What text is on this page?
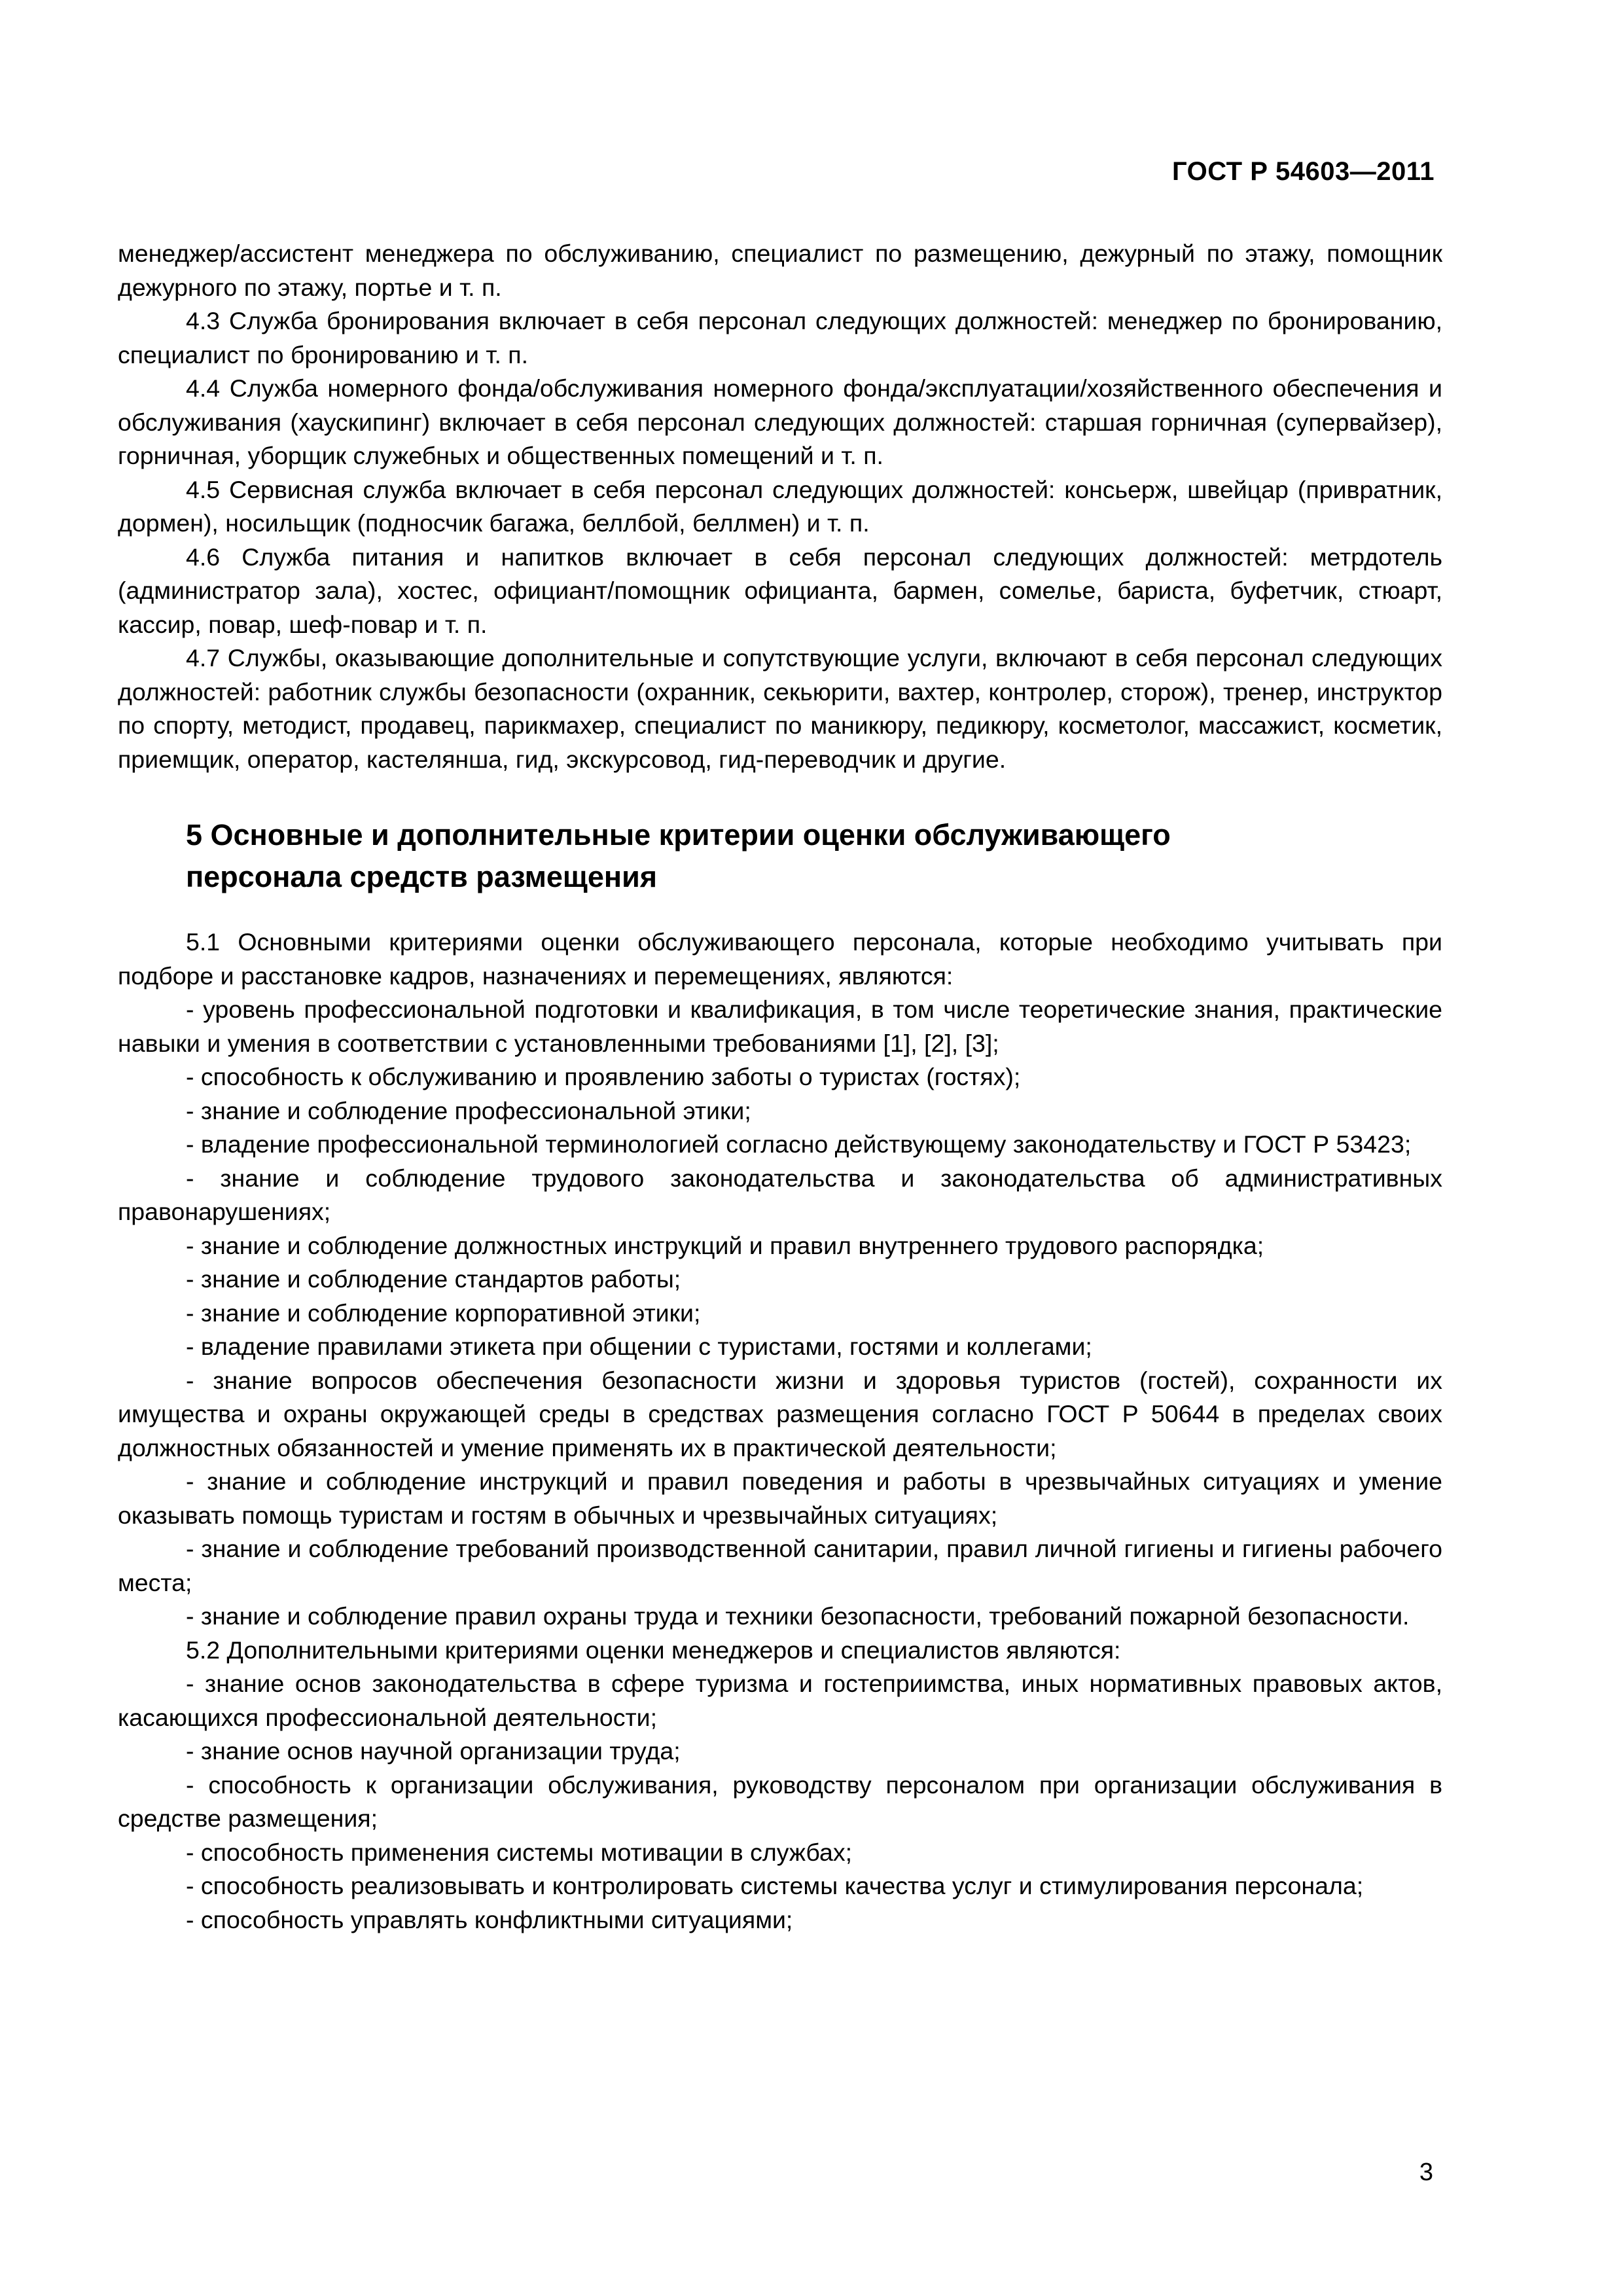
ГОСТ Р 54603—2011

менеджер/ассистент менеджера по обслуживанию, специалист по размещению, дежурный по этажу, помощник дежурного по этажу, портье и т. п.

4.3 Служба бронирования включает в себя персонал следующих должностей: менеджер по бронированию, специалист по бронированию и т. п.

4.4 Служба номерного фонда/обслуживания номерного фонда/эксплуатации/хозяйственного обеспечения и обслуживания (хаускипинг) включает в себя персонал следующих должностей: старшая горничная (супервайзер), горничная, уборщик служебных и общественных помещений и т. п.

4.5 Сервисная служба включает в себя персонал следующих должностей: консьерж, швейцар (привратник, дормен), носильщик (подносчик багажа, беллбой, беллмен) и т. п.

4.6 Служба питания и напитков включает в себя персонал следующих должностей: метрдотель (администратор зала), хостес, официант/помощник официанта, бармен, сомелье, бариста, буфетчик, стюарт, кассир, повар, шеф-повар и т. п.

4.7 Службы, оказывающие дополнительные и сопутствующие услуги, включают в себя персонал следующих должностей: работник службы безопасности (охранник, секьюрити, вахтер, контролер, сторож), тренер, инструктор по спорту, методист, продавец, парикмахер, специалист по маникюру, педикюру, косметолог, массажист, косметик, приемщик, оператор, кастелянша, гид, экскурсовод, гид-переводчик и другие.

5 Основные и дополнительные критерии оценки обслуживающего
персонала средств размещения

5.1 Основными критериями оценки обслуживающего персонала, которые необходимо учитывать при подборе и расстановке кадров, назначениях и перемещениях, являются:

- уровень профессиональной подготовки и квалификация, в том числе теоретические знания, практические навыки и умения в соответствии с установленными требованиями [1], [2], [3];

- способность к обслуживанию и проявлению заботы о туристах (гостях);

- знание и соблюдение профессиональной этики;

- владение профессиональной терминологией согласно действующему законодательству и ГОСТ Р 53423;

- знание и соблюдение трудового законодательства и законодательства об административных правонарушениях;

- знание и соблюдение должностных инструкций и правил внутреннего трудового распорядка;

- знание и соблюдение стандартов работы;

- знание и соблюдение корпоративной этики;

- владение правилами этикета при общении с туристами, гостями и коллегами;

- знание вопросов обеспечения безопасности жизни и здоровья туристов (гостей), сохранности их имущества и охраны окружающей среды в средствах размещения согласно ГОСТ Р 50644 в пределах своих должностных обязанностей и умение применять их в практической деятельности;

- знание и соблюдение инструкций и правил поведения и работы в чрезвычайных ситуациях и умение оказывать помощь туристам и гостям в обычных и чрезвычайных ситуациях;

- знание и соблюдение требований производственной санитарии, правил личной гигиены и гигиены рабочего места;

- знание и соблюдение правил охраны труда и техники безопасности, требований пожарной безопасности.

5.2 Дополнительными критериями оценки менеджеров и специалистов являются:

- знание основ законодательства в сфере туризма и гостеприимства, иных нормативных правовых актов, касающихся профессиональной деятельности;

- знание основ научной организации труда;

- способность к организации обслуживания, руководству персоналом при организации обслуживания в средстве размещения;

- способность применения системы мотивации в службах;

- способность реализовывать и контролировать системы качества услуг и стимулирования персонала;

- способность управлять конфликтными ситуациями;

3
